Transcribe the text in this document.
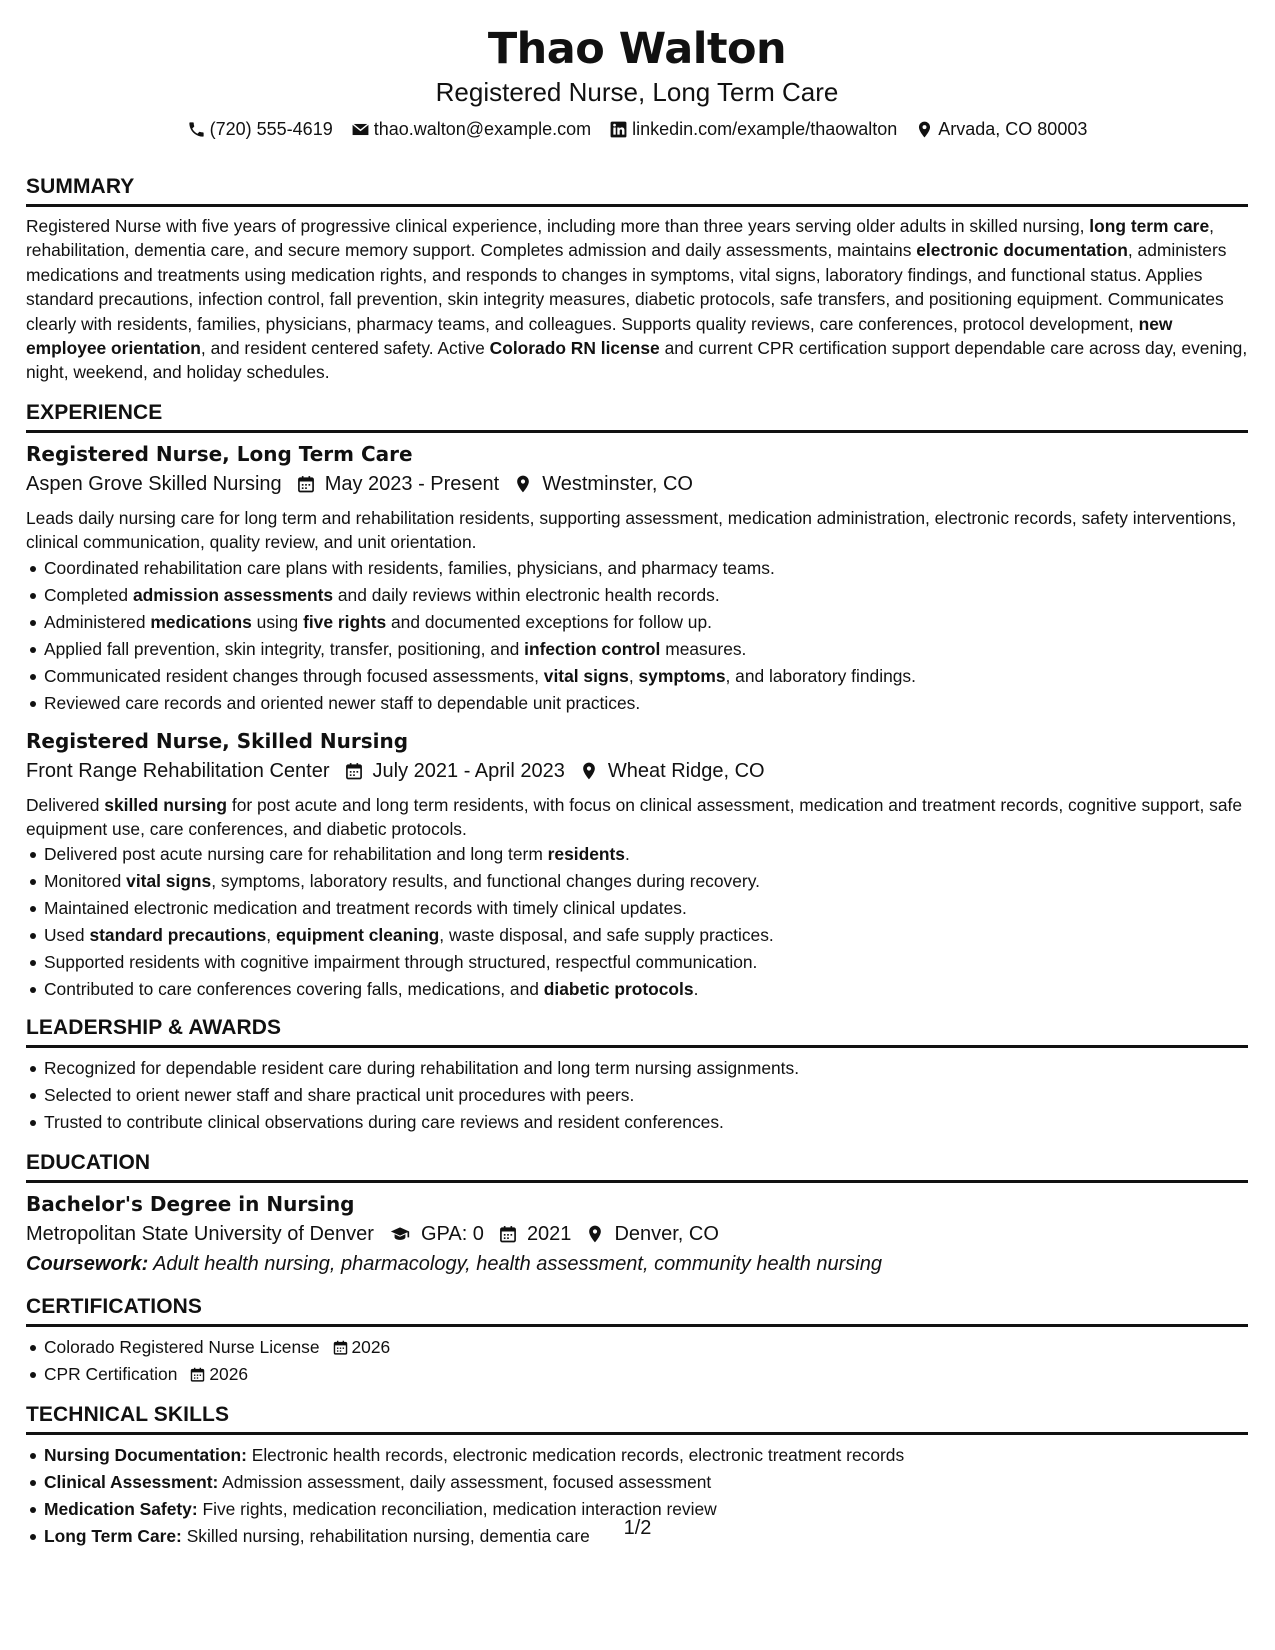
Thao Walton
Registered Nurse, Long Term Care
(720) 555-4619 thao.walton@example.com linkedin.com/example/thaowalton Arvada, CO 80003
SUMMARY

Registered Nurse with five years of progressive clinical experience, including more than three years serving older adults in skilled nursing, long term care, rehabilitation, dementia care, and secure memory support. Completes admission and daily assessments, maintains electronic documentation, administers medications and treatments using medication rights, and responds to changes in symptoms, vital signs, laboratory findings, and functional status. Applies standard precautions, infection control, fall prevention, skin integrity measures, diabetic protocols, safe transfers, and positioning equipment. Communicates clearly with residents, families, physicians, pharmacy teams, and colleagues. Supports quality reviews, care conferences, protocol development, new employee orientation, and resident centered safety. Active Colorado RN license and current CPR certification support dependable care across day, evening, night, weekend, and holiday schedules.

EXPERIENCE
Registered Nurse, Long Term Care
Aspen Grove Skilled Nursing May 2023 - Present Westminster, CO

Leads daily nursing care for long term and rehabilitation residents, supporting assessment, medication administration, electronic records, safety interventions, clinical communication, quality review, and unit orientation.

Coordinated rehabilitation care plans with residents, families, physicians, and pharmacy teams.
Completed admission assessments and daily reviews within electronic health records.
Administered medications using five rights and documented exceptions for follow up.
Applied fall prevention, skin integrity, transfer, positioning, and infection control measures.
Communicated resident changes through focused assessments, vital signs, symptoms, and laboratory findings.
Reviewed care records and oriented newer staff to dependable unit practices.
Registered Nurse, Skilled Nursing
Front Range Rehabilitation Center July 2021 - April 2023 Wheat Ridge, CO

Delivered skilled nursing for post acute and long term residents, with focus on clinical assessment, medication and treatment records, cognitive support, safe equipment use, care conferences, and diabetic protocols.

Delivered post acute nursing care for rehabilitation and long term residents.
Monitored vital signs, symptoms, laboratory results, and functional changes during recovery.
Maintained electronic medication and treatment records with timely clinical updates.
Used standard precautions, equipment cleaning, waste disposal, and safe supply practices.
Supported residents with cognitive impairment through structured, respectful communication.
Contributed to care conferences covering falls, medications, and diabetic protocols.
LEADERSHIP & AWARDS
Recognized for dependable resident care during rehabilitation and long term nursing assignments.
Selected to orient newer staff and share practical unit procedures with peers.
Trusted to contribute clinical observations during care reviews and resident conferences.
EDUCATION
Bachelor's Degree in Nursing
Metropolitan State University of Denver GPA: 0 2021 Denver, CO
Coursework: Adult health nursing, pharmacology, health assessment, community health nursing
CERTIFICATIONS
Colorado Registered Nurse License 2026
CPR Certification 2026
TECHNICAL SKILLS
Nursing Documentation: Electronic health records, electronic medication records, electronic treatment records
Clinical Assessment: Admission assessment, daily assessment, focused assessment
Medication Safety: Five rights, medication reconciliation, medication interaction review
Long Term Care: Skilled nursing, rehabilitation nursing, dementia care	1/2
